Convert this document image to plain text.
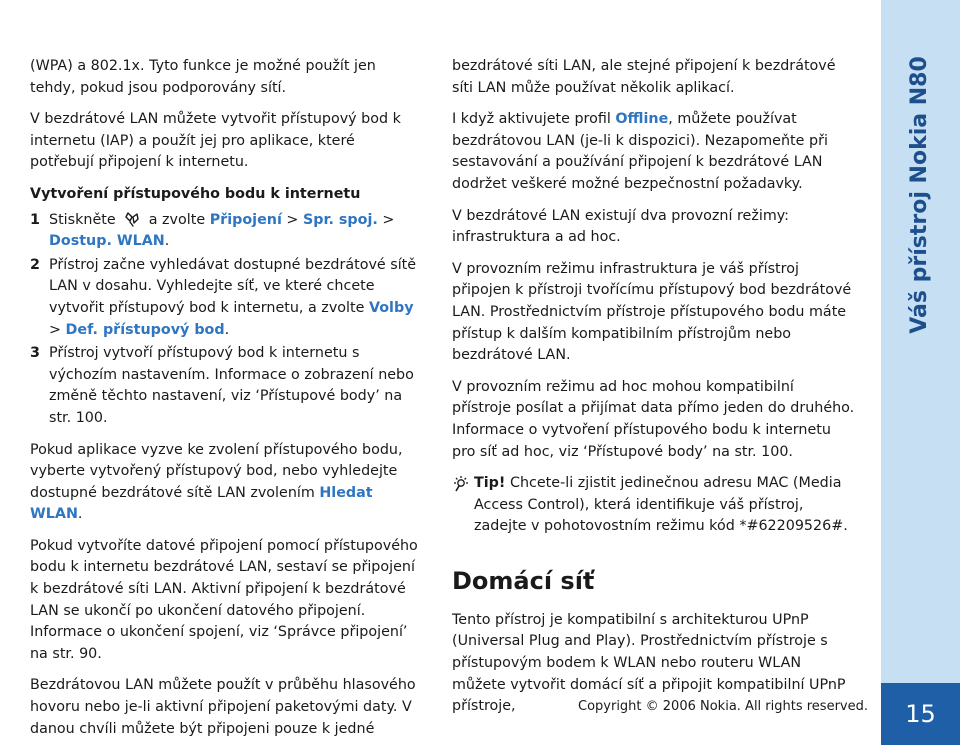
(WPA) a 802.1x. Tyto funkce je možné použít jen tehdy, pokud jsou podporovány sítí.

V bezdrátové LAN můžete vytvořit přístupový bod k internetu (IAP) a použít jej pro aplikace, které potřebují připojení k internetu.

Vytvoření přístupového bodu k internetu
1 Stiskněte a zvolte Připojení > Spr. spoj. > Dostup. WLAN.
2 Přístroj začne vyhledávat dostupné bezdrátové sítě LAN v dosahu. Vyhledejte síť, ve které chcete vytvořit přístupový bod k internetu, a zvolte Volby > Def. přístupový bod.
3 Přístroj vytvoří přístupový bod k internetu s výchozím nastavením. Informace o zobrazení nebo změně těchto nastavení, viz ‘Přístupové body’ na str. 100.

Pokud aplikace vyzve ke zvolení přístupového bodu, vyberte vytvořený přístupový bod, nebo vyhledejte dostupné bezdrátové sítě LAN zvolením Hledat WLAN.

Pokud vytvoříte datové připojení pomocí přístupového bodu k internetu bezdrátové LAN, sestaví se připojení k bezdrátové síti LAN. Aktivní připojení k bezdrátové LAN se ukončí po ukončení datového připojení. Informace o ukončení spojení, viz ‘Správce připojení’ na str. 90.

Bezdrátovou LAN můžete použít v průběhu hlasového hovoru nebo je-li aktivní připojení paketovými daty. V danou chvíli můžete být připojeni pouze k jedné

bezdrátové síti LAN, ale stejné připojení k bezdrátové síti LAN může používat několik aplikací.

I když aktivujete profil Offline, můžete používat bezdrátovou LAN (je-li k dispozici). Nezapomeňte při sestavování a používání připojení k bezdrátové LAN dodržet veškeré možné bezpečnostní požadavky.

V bezdrátové LAN existují dva provozní režimy: infrastruktura a ad hoc.

V provozním režimu infrastruktura je váš přístroj připojen k přístroji tvořícímu přístupový bod bezdrátové LAN. Prostřednictvím přístroje přístupového bodu máte přístup k dalším kompatibilním přístrojům nebo bezdrátové LAN.

V provozním režimu ad hoc mohou kompatibilní přístroje posílat a přijímat data přímo jeden do druhého. Informace o vytvoření přístupového bodu k internetu pro síť ad hoc, viz ‘Přístupové body’ na str. 100.

Tip! Chcete-li zjistit jedinečnou adresu MAC (Media Access Control), která identifikuje váš přístroj, zadejte v pohotovostním režimu kód *#62209526#.
Domácí síť

Tento přístroj je kompatibilní s architekturou UPnP (Universal Plug and Play). Prostřednictvím přístroje s přístupovým bodem k WLAN nebo routeru WLAN můžete vytvořit domácí síť a připojit kompatibilní UPnP přístroje,	Copyright © 2006 Nokia. All rights reserved.
Váš přístroj Nokia N80
15
